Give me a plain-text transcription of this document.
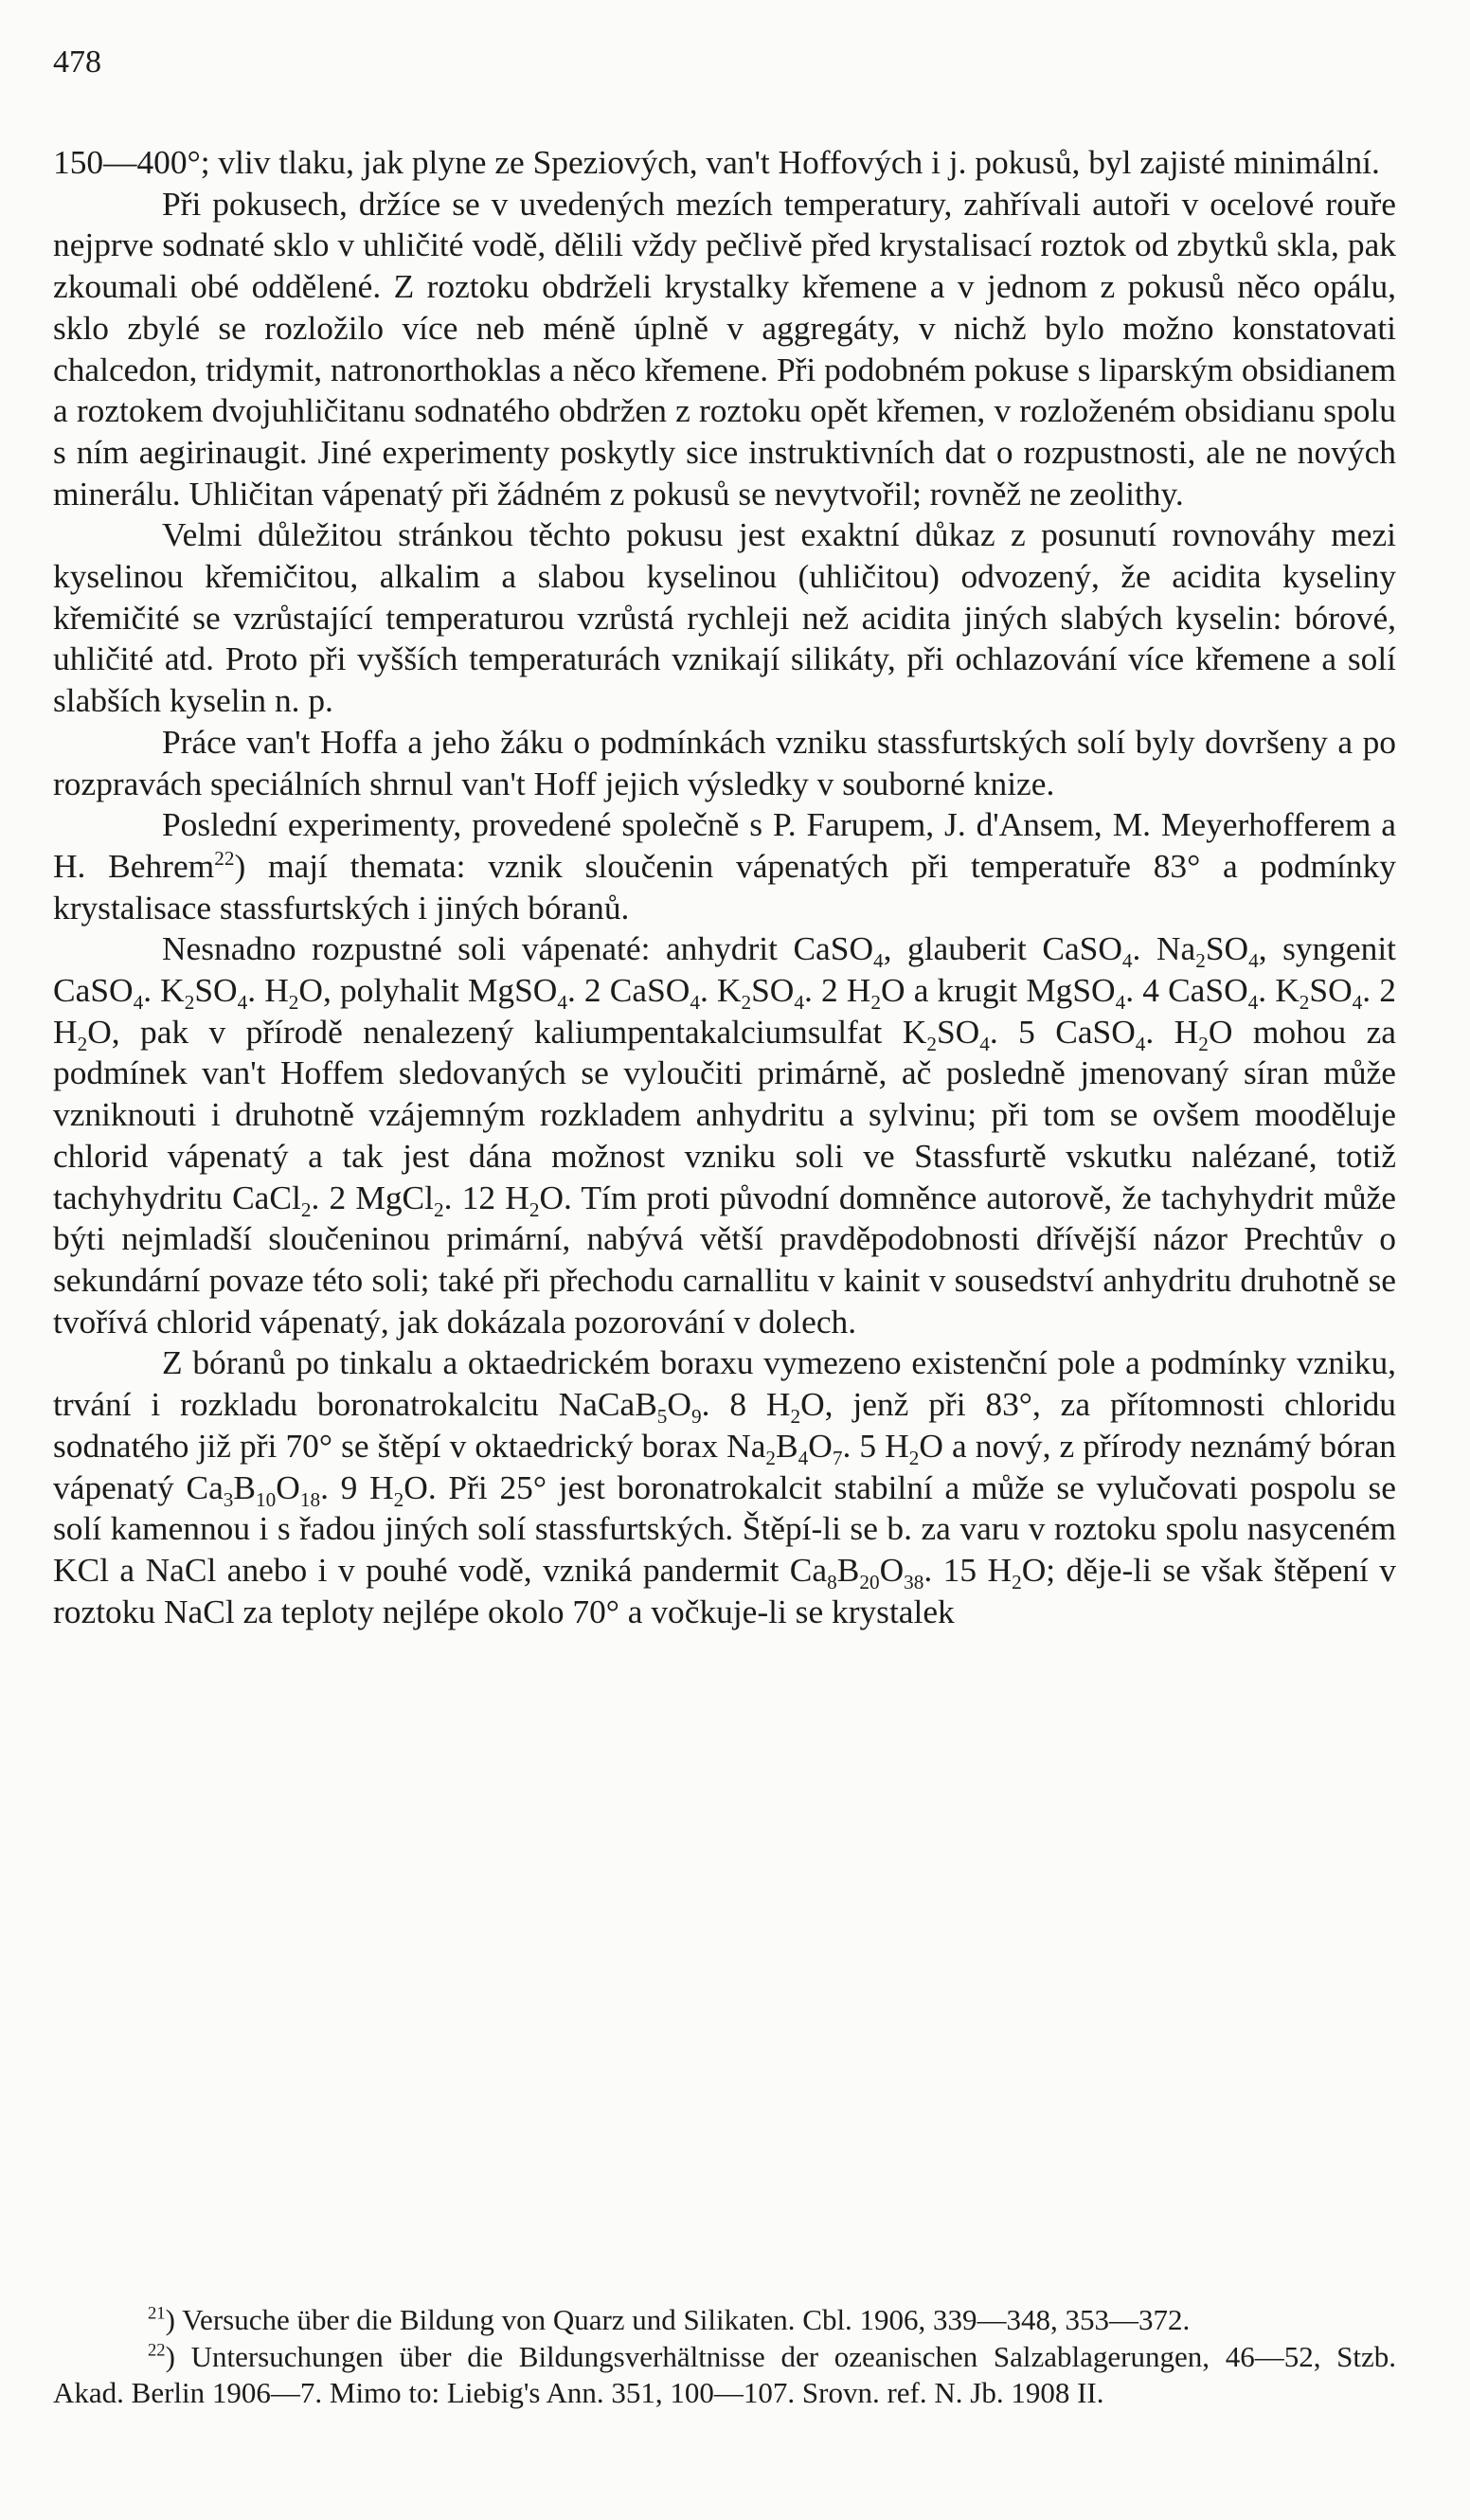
478

150—400°; vliv tlaku, jak plyne ze Speziových, van't Hoffových i j. pokusů, byl zajisté minimální.

Při pokusech, držíce se v uvedených mezích temperatury, zahřívali autoři v ocelové rouře nejprve sodnaté sklo v uhličité vodě, dělili vždy pečlivě před krystalisací roztok od zbytků skla, pak zkoumali obé oddělené. Z roztoku obdrželi krystalky křemene a v jednom z pokusů něco opálu, sklo zbylé se rozložilo více neb méně úplně v aggregáty, v nichž bylo možno konstatovati chalcedon, tridymit, natronorthoklas a něco křemene. Při podobném pokuse s liparským obsidianem a roztokem dvojuhličitanu sodnatého obdržen z roztoku opět křemen, v rozloženém obsidianu spolu s ním aegirinaugit. Jiné experimenty poskytly sice instruktivních dat o rozpustnosti, ale ne nových minerálu. Uhličitan vápenatý při žádném z pokusů se nevytvořil; rovněž ne zeolithy.

Velmi důležitou stránkou těchto pokusu jest exaktní důkaz z posunutí rovnováhy mezi kyselinou křemičitou, alkalim a slabou kyselinou (uhličitou) odvozený, že acidita kyseliny křemičité se vzrůstající temperaturou vzrůstá rychleji než acidita jiných slabých kyselin: bórové, uhličité atd. Proto při vyšších temperaturách vznikají silikáty, při ochlazování více křemene a solí slabších kyselin n. p.

Práce van't Hoffa a jeho žáku o podmínkách vzniku stassfurtských solí byly dovršeny a po rozpravách speciálních shrnul van't Hoff jejich výsledky v souborné knize.

Poslední experimenty, provedené společně s P. Farupem, J. d'Ansem, M. Meyerhofferem a H. Behrem$^{22}$) mají themata: vznik sloučenin vápenatých při temperatuře 83° a podmínky krystalisace stassfurtských i jiných bóranů.

Nesnadno rozpustné soli vápenaté: anhydrit CaSO$_4$, glauberit CaSO$_4$. $Na_2SO_4$, syngenit CaSO$_4$. $K_2SO_4$. $H_2O$, polyhalit MgSO$_4$. 2 CaSO$_4$. $K_2SO_4$. 2 $H_2O$ a krugit MgSO$_4$. 4 CaSO$_4$. $K_2SO_4$. 2 $H_2O$, pak v přírodě nenalezený kaliumpentakalciumsulfat $K_2SO_4$. 5 CaSO$_4$. $H_2O$ mohou za podmínek van't Hoffem sledovaných se vyloučiti primárně, ač posledně jmenovaný síran může vzniknouti i druhotně vzájemným rozkladem anhydritu a sylvinu; při tom se ovšem mooděluje chlorid vápenatý a tak jest dána možnost vzniku soli ve Stassfurtě vskutku nalézané, totiž tachyhydritu CaCl$_2$. 2 MgCl$_2$. 12 $H_2O$. Tím proti původní domněnce autorově, že tachyhydrit může býti nejmladší sloučeninou primární, nabývá větší pravděpodobnosti dřívější názor Prechtův o sekundární povaze této soli; také při přechodu carnallitu v kainit v sousedství anhydritu druhotně se tvořívá chlorid vápenatý, jak dokázala pozorování v dolech.

Z bóranů po tinkalu a oktaedrickém boraxu vymezeno existenční pole a podmínky vzniku, trvání i rozkladu boronatrokalcitu $NaCaB_5O_9$. 8 $H_2O$, jenž při 83°, za přítomnosti chloridu sodnatého již při 70° se štěpí v oktaedrický borax $Na_2B_4O_7$. 5 $H_2O$ a nový, z přírody neznámý bóran vápenatý $Ca_3B_{10}O_{18}$. 9 $H_2O$. Při 25° jest boronatrokalcit stabilní a může se vylučovati pospolu se solí kamennou i s řadou jiných solí stassfurtských. Štěpí-li se b. za varu v roztoku spolu nasyceném KCl a NaCl anebo i v pouhé vodě, vzniká pandermit $Ca_8B_{20}O_{38}$. 15 $H_2O$; děje-li se však štěpení v roztoku NaCl za teploty nejlépe okolo 70° a vočkuje-li se krystalek

$^{21}$) Versuche über die Bildung von Quarz und Silikaten. Cbl. 1906, 339—348, 353—372.

$^{22}$) Untersuchungen über die Bildungsverhältnisse der ozeanischen Salzablagerungen, 46—52, Stzb. Akad. Berlin 1906—7. Mimo to: Liebig's Ann. 351, 100—107. Srovn. ref. N. Jb. 1908 II.
